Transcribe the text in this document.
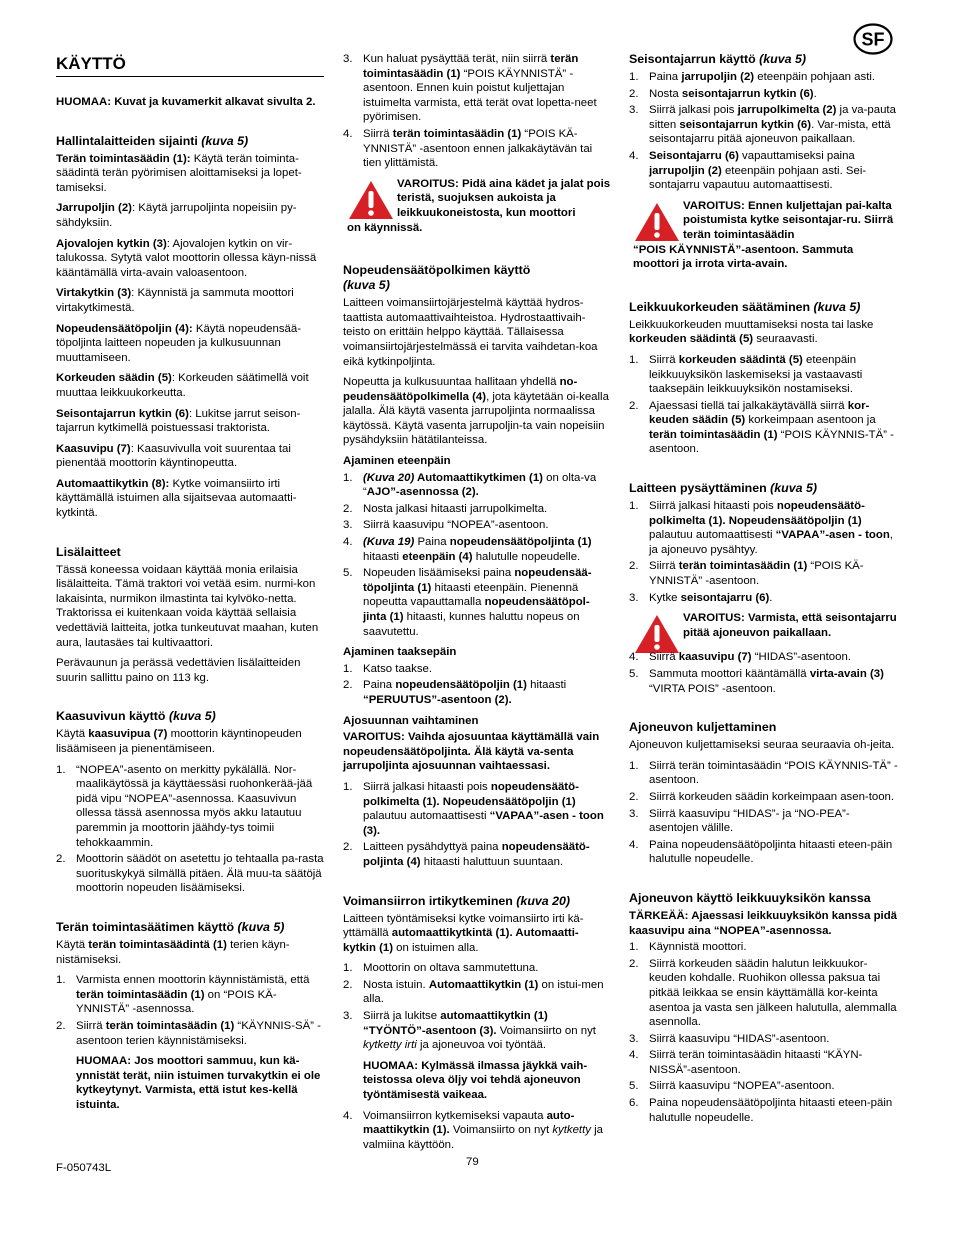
SF
KÄYTTÖ

HUOMAA: Kuvat ja kuvamerkit alkavat sivulta 2.

Hallintalaitteiden sijainti (kuva 5)

Terän toimintasäädin (1): Käytä terän toiminta-säädintä terän pyörimisen aloittamiseksi ja lopet-tamiseksi.

Jarrupoljin (2): Käytä jarrupoljinta nopeisiin py-sähdyksiin.

Ajovalojen kytkin (3): Ajovalojen kytkin on vir-talukossa. Sytytä valot moottorin ollessa käyn-nissä kääntämällä virta-avain valoasentoon.

Virtakytkin (3): Käynnistä ja sammuta moottori virtakytkimestä.

Nopeudensäätöpoljin (4): Käytä nopeudensää-töpoljinta laitteen nopeuden ja kulkusuunnan muuttamiseen.

Korkeuden säädin (5): Korkeuden säätimellä voit muuttaa leikkuukorkeutta.

Seisontajarrun kytkin (6): Lukitse jarrut seison-tajarrun kytkimellä poistuessasi traktorista.

Kaasuvipu (7): Kaasuvivulla voit suurentaa tai pienentää moottorin käyntinopeutta.

Automaattikytkin (8): Kytke voimansiirto irti käyttämällä istuimen alla sijaitsevaa automaatti-kytkintä.

Lisälaitteet

Tässä koneessa voidaan käyttää monia erilaisia lisälaitteita. Tämä traktori voi vetää esim. nurmi-kon lakaisinta, nurmikon ilmastinta tai kylvöko-netta. Traktorissa ei kuitenkaan voida käyttää sellaisia vedettäviä laitteita, jotka tunkeutuvat maahan, kuten aura, lautasäes tai kultivaattori.

Perävaunun ja perässä vedettävien lisälaitteiden suurin sallittu paino on 113 kg.

Kaasuvivun käyttö (kuva 5)

Käytä kaasuvipua (7) moottorin käyntinopeuden lisäämiseen ja pienentämiseen.

1. “NOPEA”-asento on merkitty pykälällä. Nor-maalikäytössä ja käyttäessäsi ruohonkerää-jää pidä vipu “NOPEA”-asennossa. Kaasuvivun ollessa tässä asennossa myös akku latautuu paremmin ja moottorin jäähdy-tys toimii tehokkaammin.
2. Moottorin säädöt on asetettu jo tehtaalla pa-rasta suorituskykyä silmällä pitäen. Älä muu-ta säätöjä moottorin nopeuden lisäämiseksi.
Terän toimintasäätimen käyttö (kuva 5)

Käytä terän toimintasäädintä (1) terien käyn-nistämiseksi.

1. Varmista ennen moottorin käynnistämistä, että terän toimintasäädin (1) on “POIS KÄ-YNNISTÄ” -asennossa.
2. Siirrä terän toimintasäädin (1) “KÄYNNIS-SÄ” -asentoon terien käynnistämiseksi.
HUOMAA: Jos moottori sammuu, kun kä-ynnistät terät, niin istuimen turvakytkin ei ole kytkeytynyt. Varmista, että istut kes-kellä istuinta.
3. Kun haluat pysäyttää terät, niin siirrä terän toimintasäädin (1) “POIS KÄYNNISTÄ” -asentoon. Ennen kuin poistut kuljettajan istuimelta varmista, että terät ovat lopetta-neet pyörimisen.
4. Siirrä terän toimintasäädin (1) “POIS KÄ-YNNISTÄ” -asentoon ennen jalkakäytävän tai tien ylittämistä.
VAROITUS: Pidä aina kädet ja jalat pois teristä, suojuksen aukoista ja leikkuukoneistosta, kun moottori
on käynnissä.
Nopeudensäätöpolkimen käyttö
(kuva 5)

Laitteen voimansiirtojärjestelmä käyttää hydros-taattista automaattivaihteistoa. Hydrostaattivaih-teisto on erittäin helppo käyttää. Tällaisessa voimansiirtojärjestelmässä ei tarvita vaihdetan-koa eikä kytkinpoljinta.

Nopeutta ja kulkusuuntaa hallitaan yhdellä no-peudensäätöpolkimella (4), jota käytetään oi-kealla jalalla. Älä käytä vasenta jarrupoljinta normaalissa käytössä. Käytä vasenta jarrupoljin-ta vain nopeisiin pysähdyksiin hätätilanteissa.

Ajaminen eteenpäin
1. (Kuva 20) Automaattikytkimen (1) on olta-va “AJO”-asennossa (2).
2. Nosta jalkasi hitaasti jarrupolkimelta.
3. Siirrä kaasuvipu “NOPEA”-asentoon.
4. (Kuva 19) Paina nopeudensäätöpoljinta (1) hitaasti eteenpäin (4) halutulle nopeudelle.
5. Nopeuden lisäämiseksi paina nopeudensää-töpoljinta (1) hitaasti eteenpäin. Pienennä nopeutta vapauttamalla nopeudensäätöpol-jinta (1) hitaasti, kunnes haluttu nopeus on saavutettu.
Ajaminen taaksepäin
1. Katso taakse.
2. Paina nopeudensäätöpoljin (1) hitaasti “PERUUTUS”-asentoon (2).
Ajosuunnan vaihtaminen

VAROITUS: Vaihda ajosuuntaa käyttämällä vain nopeudensäätöpoljinta. Älä käytä va-senta jarrupoljinta ajosuunnan vaihtaessasi.

1. Siirrä jalkasi hitaasti pois nopeudensäätö-polkimelta (1). Nopeudensäätöpoljin (1) palautuu automaattisesti “VAPAA”-asen - toon (3).
2. Laitteen pysähdyttyä paina nopeudensäätö-poljinta (4) hitaasti haluttuun suuntaan.
Voimansiirron irtikytkeminen (kuva 20)

Laitteen työntämiseksi kytke voimansiirto irti kä-yttämällä automaattikytkintä (1). Automaatti-kytkin (1) on istuimen alla.

1. Moottorin on oltava sammutettuna.
2. Nosta istuin. Automaattikytkin (1) on istui-men alla.
3. Siirrä ja lukitse automaattikytkin (1) “TYÖNTÖ”-asentoon (3). Voimansiirto on nyt kytketty irti ja ajoneuvoa voi työntää.
HUOMAA: Kylmässä ilmassa jäykkä vaih-teistossa oleva öljy voi tehdä ajoneuvon työntämisestä vaikeaa.
4. Voimansiirron kytkemiseksi vapauta auto-maattikytkin (1). Voimansiirto on nyt kytketty ja valmiina käyttöön.
Seisontajarrun käyttö (kuva 5)
1. Paina jarrupoljin (2) eteenpäin pohjaan asti.
2. Nosta seisontajarrun kytkin (6).
3. Siirrä jalkasi pois jarrupolkimelta (2) ja va-pauta sitten seisontajarrun kytkin (6). Var-mista, että seisontajarru pitää ajoneuvon paikallaan.
4. Seisontajarru (6) vapauttamiseksi paina jarrupoljin (2) eteenpäin pohjaan asti. Sei-sontajarru vapautuu automaattisesti.
VAROITUS: Ennen kuljettajan pai-kalta poistumista kytke seisontajar-ru. Siirrä terän toimintasäädin
“POIS KÄYNNISTÄ”-asentoon. Sammuta moottori ja irrota virta-avain.
Leikkuukorkeuden säätäminen (kuva 5)

Leikkuukorkeuden muuttamiseksi nosta tai laske korkeuden säädintä (5) seuraavasti.

1. Siirrä korkeuden säädintä (5) eteenpäin leikkuuyksikön laskemiseksi ja vastaavasti taaksepäin leikkuuyksikön nostamiseksi.
2. Ajaessasi tiellä tai jalkakäytävällä siirrä kor-keuden säädin (5) korkeimpaan asentoon ja terän toimintasäädin (1) “POIS KÄYNNIS-TÄ” -asentoon.
Laitteen pysäyttäminen (kuva 5)
1. Siirrä jalkasi hitaasti pois nopeudensäätö-polkimelta (1). Nopeudensäätöpoljin (1) palautuu automaattisesti “VAPAA”-asen - toon, ja ajoneuvo pysähtyy.
2. Siirrä terän toimintasäädin (1) “POIS KÄ-YNNISTÄ” -asentoon.
3. Kytke seisontajarru (6).
VAROITUS: Varmista, että seisontajarru pitää ajoneuvon paikallaan.
4. Siirrä kaasuvipu (7) “HIDAS”-asentoon.
5. Sammuta moottori kääntämällä virta-avain (3) “VIRTA POIS” -asentoon.
Ajoneuvon kuljettaminen

Ajoneuvon kuljettamiseksi seuraa seuraavia oh-jeita.

1. Siirrä terän toimintasäädin “POIS KÄYNNIS-TÄ” -asentoon.
2. Siirrä korkeuden säädin korkeimpaan asen-toon.
3. Siirrä kaasuvipu “HIDAS”- ja “NO-PEA”-asentojen välille.
4. Paina nopeudensäätöpoljinta hitaasti eteen-päin halutulle nopeudelle.
Ajoneuvon käyttö leikkuuyksikön kanssa

TÄRKEÄÄ: Ajaessasi leikkuuyksikön kanssa pidä kaasuvipu aina “NOPEA”-asennossa.

1. Käynnistä moottori.
2. Siirrä korkeuden säädin halutun leikkuukor-keuden kohdalle. Ruohikon ollessa paksua tai pitkää leikkaa se ensin käyttämällä kor-keinta asentoa ja vasta sen jälkeen halutulla, alemmalla asennolla.
3. Siirrä kaasuvipu “HIDAS”-asentoon.
4. Siirrä terän toimintasäädin hitaasti “KÄYN-NISSÄ”-asentoon.
5. Siirrä kaasuvipu “NOPEA”-asentoon.
6. Paina nopeudensäätöpoljinta hitaasti eteen-päin halutulle nopeudelle.
F-050743L	79
